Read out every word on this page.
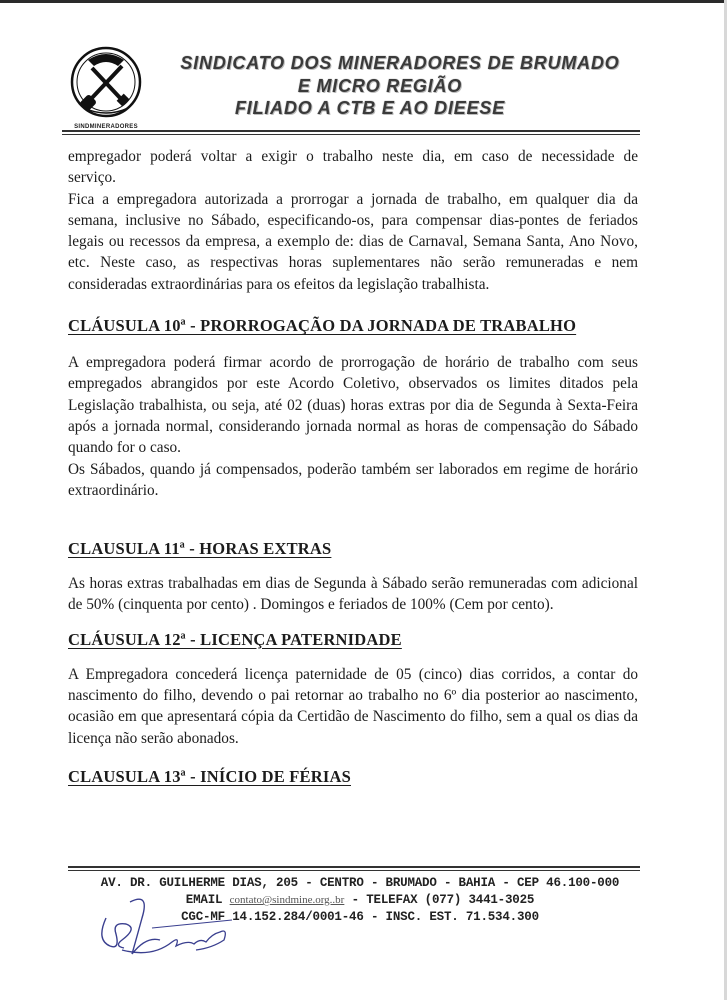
SINDMINERADORES
SINDICATO DOS MINERADORES DE BRUMADO
E MICRO REGIÃO
FILIADO A CTB E AO DIEESE

empregador poderá voltar a exigir o trabalho neste dia, em caso de necessidade de

serviço.

Fica a empregadora autorizada a prorrogar a jornada de trabalho, em qualquer dia da semana, inclusive no Sábado, especificando-os, para compensar dias-pontes de feriados legais ou recessos da empresa, a exemplo de: dias de Carnaval, Semana Santa, Ano Novo, etc. Neste caso, as respectivas horas suplementares não serão remuneradas e nem consideradas extraordinárias para os efeitos da legislação trabalhista.

CLÁUSULA 10ª - PRORROGAÇÃO DA JORNADA DE TRABALHO

A empregadora poderá firmar acordo de prorrogação de horário de trabalho com seus empregados abrangidos por este Acordo Coletivo, observados os limites ditados pela Legislação trabalhista, ou seja, até 02 (duas) horas extras por dia de Segunda à Sexta-Feira após a jornada normal, considerando jornada normal as horas de compensação do Sábado quando for o caso.

Os Sábados, quando já compensados, poderão também ser laborados em regime de horário extraordinário.

CLAUSULA 11ª - HORAS EXTRAS

As horas extras trabalhadas em dias de Segunda à Sábado serão remuneradas com adicional de 50% (cinquenta por cento) . Domingos e feriados de 100% (Cem por cento).

CLÁUSULA 12ª - LICENÇA PATERNIDADE

A Empregadora concederá licença paternidade de 05 (cinco) dias corridos, a contar do nascimento do filho, devendo o pai retornar ao trabalho no 6º dia posterior ao nascimento, ocasião em que apresentará cópia da Certidão de Nascimento do filho, sem a qual os dias da licença não serão abonados.

CLAUSULA 13ª - INÍCIO DE FÉRIAS

AV. DR. GUILHERME DIAS, 205 - CENTRO - BRUMADO - BAHIA - CEP 46.100-000
EMAIL contato@sindmine.org..br - TELEFAX (077) 3441-3025
CGC-MF 14.152.284/0001-46 - INSC. EST. 71.534.300
